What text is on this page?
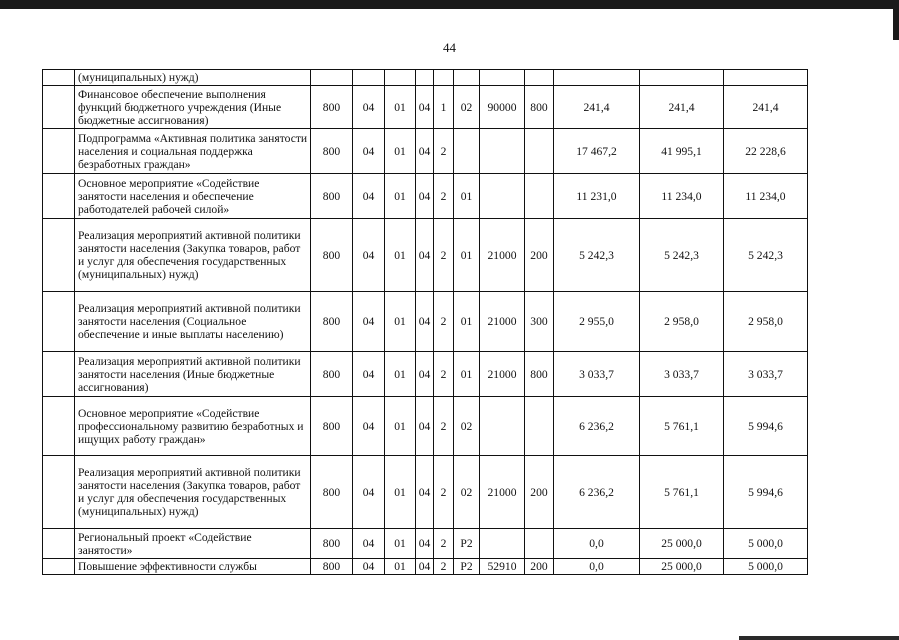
44
	(муниципальных) нужд)											
	Финансовое обеспечение выполнения функций бюджетного учреждения (Иные бюджетные ассигнования)	800	04	01	04	1	02	90000	800	241,4	241,4	241,4
	Подпрограмма «Активная политика занятости населения и социальная поддержка безработных граждан»	800	04	01	04	2				17 467,2	41 995,1	22 228,6
	Основное мероприятие «Содействие занятости населения и обеспечение работодателей рабочей силой»	800	04	01	04	2	01			11 231,0	11 234,0	11 234,0
	Реализация мероприятий активной политики занятости населения (Закупка товаров, работ и услуг для обеспечения государственных (муниципальных) нужд)	800	04	01	04	2	01	21000	200	5 242,3	5 242,3	5 242,3
	Реализация мероприятий активной политики занятости населения (Социальное обеспечение и иные выплаты населению)	800	04	01	04	2	01	21000	300	2 955,0	2 958,0	2 958,0
	Реализация мероприятий активной политики занятости населения (Иные бюджетные ассигнования)	800	04	01	04	2	01	21000	800	3 033,7	3 033,7	3 033,7
	Основное мероприятие «Содействие профессиональному развитию безработных и ищущих работу граждан»	800	04	01	04	2	02			6 236,2	5 761,1	5 994,6
	Реализация мероприятий активной политики занятости населения (Закупка товаров, работ и услуг для обеспечения государственных (муниципальных) нужд)	800	04	01	04	2	02	21000	200	6 236,2	5 761,1	5 994,6
	Региональный проект «Содействие занятости»	800	04	01	04	2	P2			0,0	25 000,0	5 000,0
	Повышение эффективности службы	800	04	01	04	2	P2	52910	200	0,0	25 000,0	5 000,0
